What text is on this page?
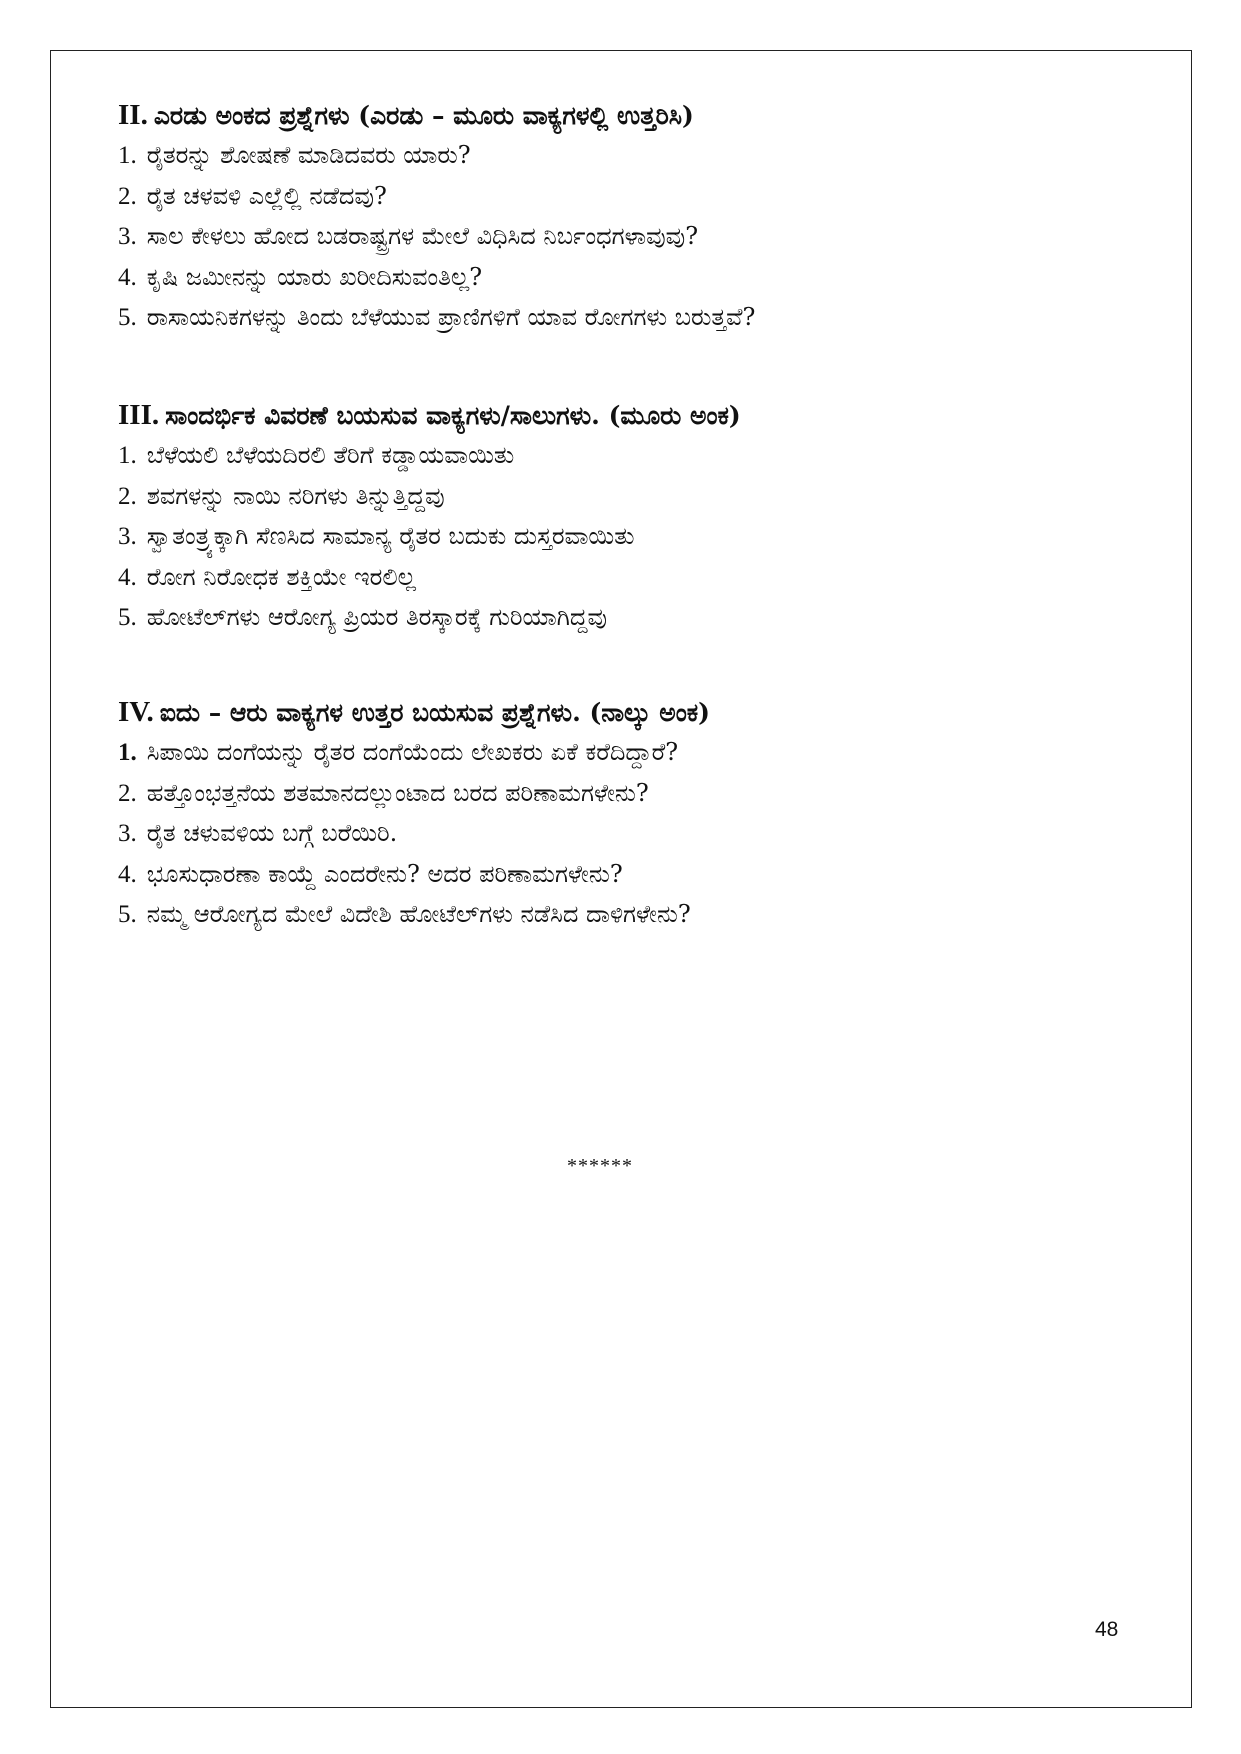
II. ಎರಡು ಅಂಕದ ಪ್ರಶ್ನೆಗಳು (ಎರಡು – ಮೂರು ವಾಕ್ಯಗಳಲ್ಲಿ ಉತ್ತರಿಸಿ)
1. ರೈತರನ್ನು ಶೋಷಣೆ ಮಾಡಿದವರು ಯಾರು?
2. ರೈತ ಚಳವಳಿ ಎಲ್ಲೆಲ್ಲಿ ನಡೆದವು?
3. ಸಾಲ ಕೇಳಲು ಹೋದ ಬಡರಾಷ್ಟ್ರಗಳ ಮೇಲೆ ವಿಧಿಸಿದ ನಿರ್ಬಂಧಗಳಾವುವು?
4. ಕೃಷಿ ಜಮೀನನ್ನು ಯಾರು ಖರೀದಿಸುವಂತಿಲ್ಲ?
5. ರಾಸಾಯನಿಕಗಳನ್ನು ತಿಂದು ಬೆಳೆಯುವ ಪ್ರಾಣಿಗಳಿಗೆ ಯಾವ ರೋಗಗಳು ಬರುತ್ತವೆ?
III. ಸಾಂದರ್ಭಿಕ ವಿವರಣೆ ಬಯಸುವ ವಾಕ್ಯಗಳು/ಸಾಲುಗಳು. (ಮೂರು ಅಂಕ)
1. ಬೆಳೆಯಲಿ ಬೆಳೆಯದಿರಲಿ ತೆರಿಗೆ ಕಡ್ಡಾಯವಾಯಿತು
2. ಶವಗಳನ್ನು ನಾಯಿ ನರಿಗಳು ತಿನ್ನುತ್ತಿದ್ದವು
3. ಸ್ವಾತಂತ್ರ್ಯಕ್ಕಾಗಿ ಸೆಣಸಿದ ಸಾಮಾನ್ಯ ರೈತರ ಬದುಕು ದುಸ್ತರವಾಯಿತು
4. ರೋಗ ನಿರೋಧಕ ಶಕ್ತಿಯೇ ಇರಲಿಲ್ಲ
5. ಹೋಟೆಲ್‌ಗಳು ಆರೋಗ್ಯ ಪ್ರಿಯರ ತಿರಸ್ಕಾರಕ್ಕೆ ಗುರಿಯಾಗಿದ್ದವು
IV. ಐದು – ಆರು ವಾಕ್ಯಗಳ ಉತ್ತರ ಬಯಸುವ ಪ್ರಶ್ನೆಗಳು. (ನಾಲ್ಕು ಅಂಕ)
1. ಸಿಪಾಯಿ ದಂಗೆಯನ್ನು ರೈತರ ದಂಗೆಯೆಂದು ಲೇಖಕರು ಏಕೆ ಕರೆದಿದ್ದಾರೆ?
2. ಹತ್ತೊಂಭತ್ತನೆಯ ಶತಮಾನದಲ್ಲುಂಟಾದ ಬರದ ಪರಿಣಾಮಗಳೇನು?
3. ರೈತ ಚಳುವಳಿಯ ಬಗ್ಗೆ ಬರೆಯಿರಿ.
4. ಭೂಸುಧಾರಣಾ ಕಾಯ್ದೆ ಎಂದರೇನು? ಅದರ ಪರಿಣಾಮಗಳೇನು?
5. ನಮ್ಮ ಆರೋಗ್ಯದ ಮೇಲೆ ವಿದೇಶಿ ಹೋಟೆಲ್‌ಗಳು ನಡೆಸಿದ ದಾಳಿಗಳೇನು?
******
48
